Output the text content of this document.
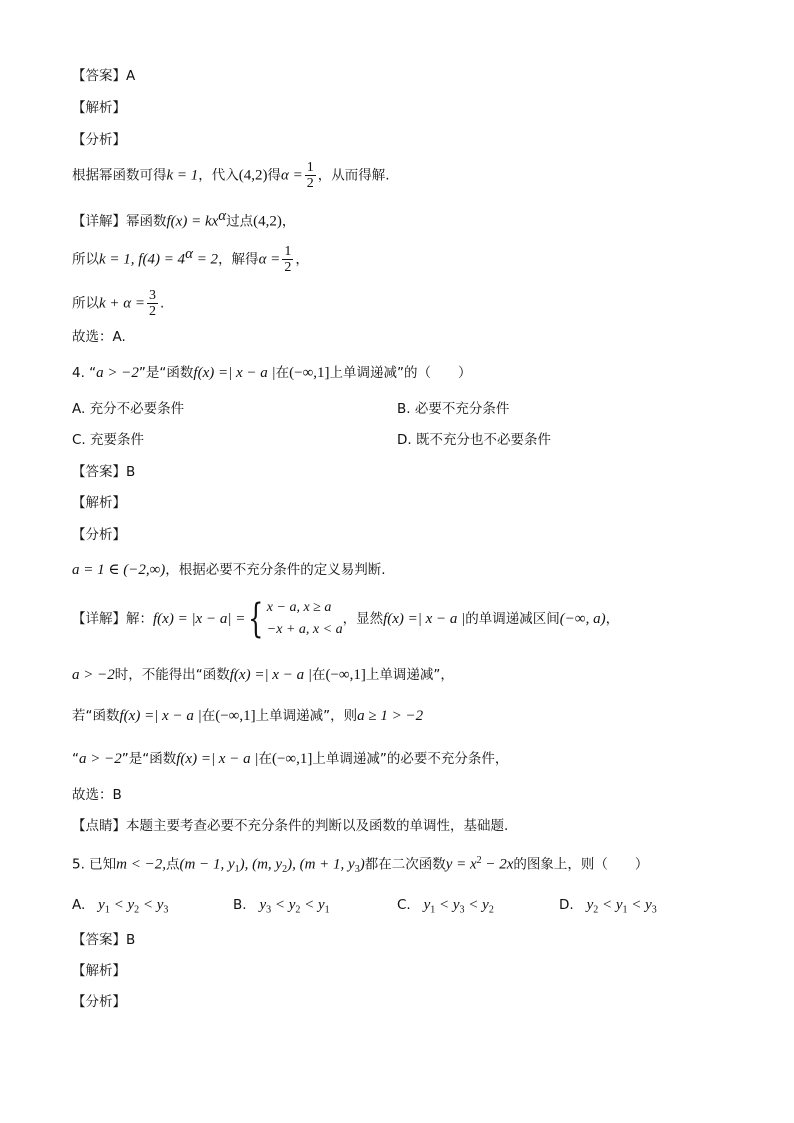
【答案】A
【解析】
【分析】
根据幂函数可得k = 1，代入(4,2)得$\alpha = \frac{1}{2}$ ，从而得解.
【详解】幂函数$f(x) = kx^\alpha$过点(4,2)，
所以k = 1, $f(4) = 4^\alpha = 2$，解得$\alpha = \frac{1}{2}$ ，
所以$k + \alpha = \frac{3}{2}$ .
故选：A.
4. “a > −2”是“函数f(x) =| x − a |在(−∞,1]上单调递减”的（　　）
A. 充分不必要条件	B. 必要不充分条件
C. 充要条件	D. 既不充分也不必要条件
【答案】B
【解析】
【分析】
a = 1 ∈ (−2,∞)，根据必要不充分条件的定义易判断.
【详解】解：f(x) = |x − a| ={ x − a, x ≥ a
−x + a, x < a
，显然f(x) =| x − a |的单调递减区间(−∞, a)，
a > −2时，不能得出“函数f(x) =| x − a |在(−∞,1]上单调递减”，
若“函数f(x) =| x − a |在(−∞,1]上单调递减”，则a ≥ 1 > −2
“a > −2”是“函数f(x) =| x − a |在(−∞,1]上单调递减”的必要不充分条件，
故选：B
【点睛】本题主要考查必要不充分条件的判断以及函数的单调性，基础题.
5. 已知m < −2,点(m − 1, $y_1$), (m, $y_2$), (m + 1, $y_3$)都在二次函数$y = x^2 - 2x$的图象上，则（　　）
A. $y_1 < y_2 < y_3$	B. $y_3 < y_2 < y_1$	C. $y_1 < y_3 < y_2$	D. $y_2 < y_1 < y_3$
【答案】B
【解析】
【分析】
